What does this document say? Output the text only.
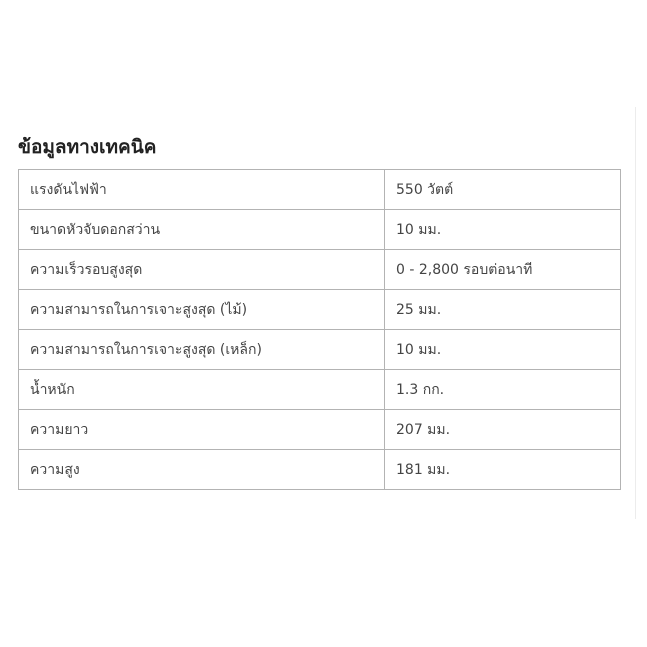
ข้อมูลทางเทคนิค
แรงดันไฟฟ้า	550 วัตต์
ขนาดหัวจับดอกสว่าน	10 มม.
ความเร็วรอบสูงสุด	0 - 2,800 รอบต่อนาที
ความสามารถในการเจาะสูงสุด (ไม้)	25 มม.
ความสามารถในการเจาะสูงสุด (เหล็ก)	10 มม.
น้ำหนัก	1.3 กก.
ความยาว	207 มม.
ความสูง	181 มม.
